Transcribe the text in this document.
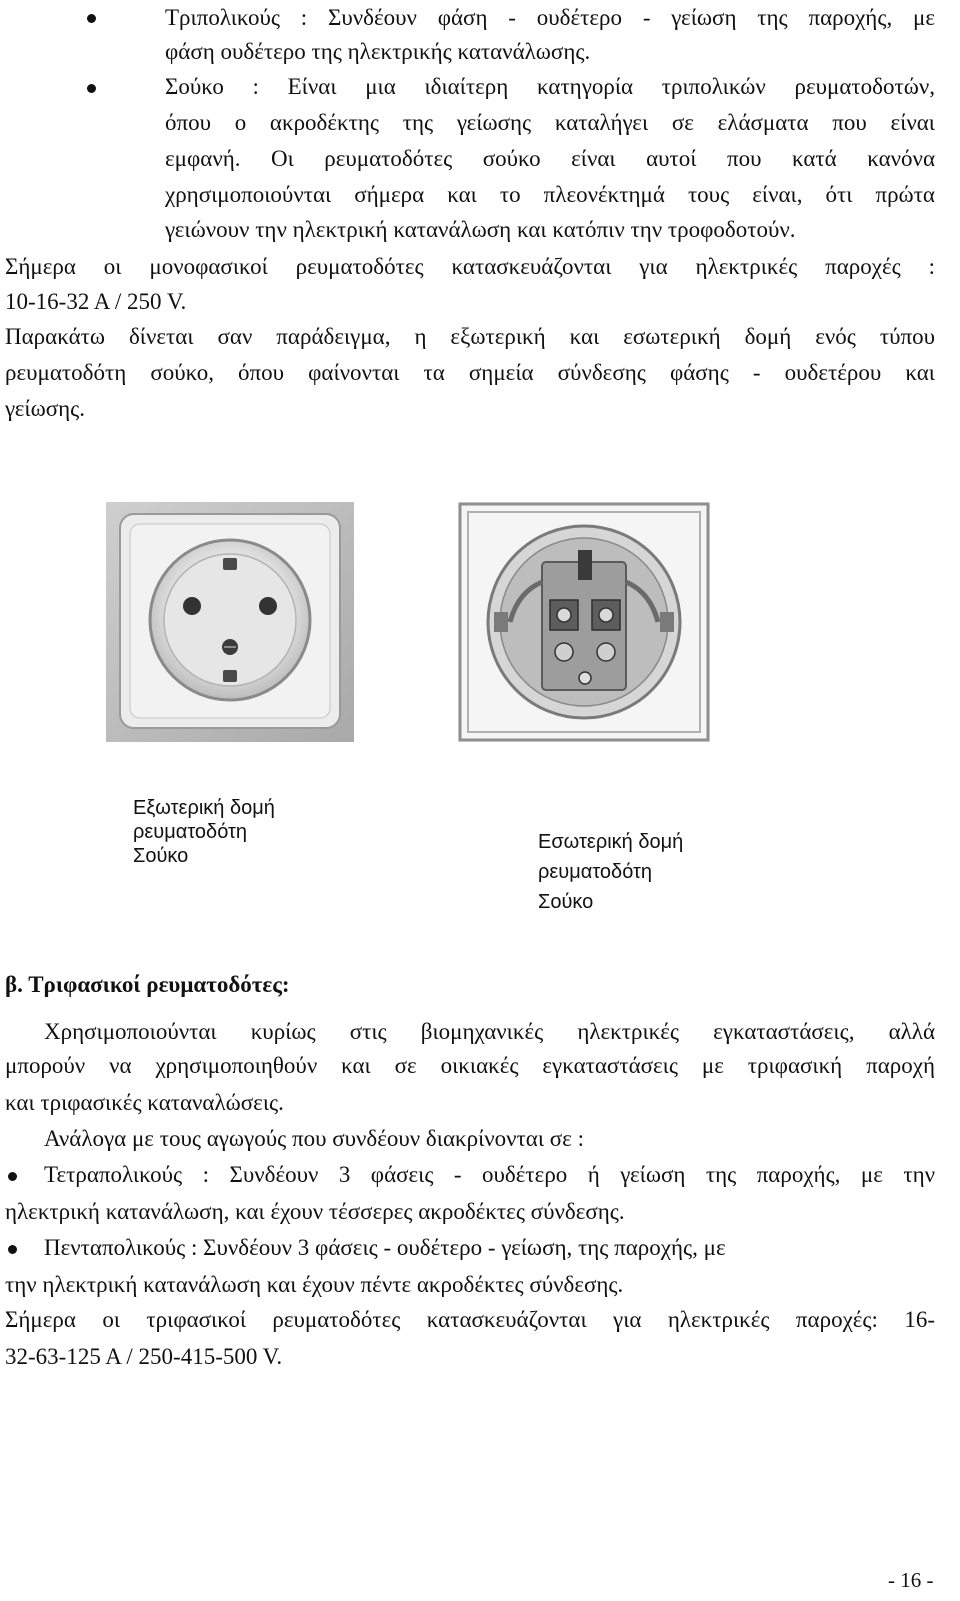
Τριπολικούς : Συνδέουν φάση - ουδέτερο - γείωση της παροχής, με
φάση ουδέτερο της ηλεκτρικής κατανάλωσης.
Σούκο : Είναι μια ιδιαίτερη κατηγορία τριπολικών ρευματοδοτών,
όπου ο ακροδέκτης της γείωσης καταλήγει σε ελάσματα που είναι
εμφανή. Οι ρευματοδότες σούκο είναι αυτοί που κατά κανόνα
χρησιμοποιούνται σήμερα και το πλεονέκτημά τους είναι, ότι πρώτα
γειώνουν την ηλεκτρική κατανάλωση και κατόπιν την τροφοδοτούν.
Σήμερα οι μονοφασικοί ρευματοδότες κατασκευάζονται για ηλεκτρικές παροχές :
10-16-32 A / 250 V.
Παρακάτω δίνεται σαν παράδειγμα, η εξωτερική και εσωτερική δομή ενός τύπου
ρευματοδότη σούκο, όπου φαίνονται τα σημεία σύνδεσης φάσης - ουδετέρου και
γείωσης.
Εξωτερική δομή
ρευματοδότη
Σούκο
Εσωτερική δομή
ρευματοδότη
Σούκο
β. Τριφασικοί ρευματοδότες:
Χρησιμοποιούνται κυρίως στις βιομηχανικές ηλεκτρικές εγκαταστάσεις, αλλά
μπορούν να χρησιμοποιηθούν και σε οικιακές εγκαταστάσεις με τριφασική παροχή
και τριφασικές καταναλώσεις.
Ανάλογα με τους αγωγούς που συνδέουν διακρίνονται σε :
Τετραπολικούς : Συνδέουν 3 φάσεις - ουδέτερο ή γείωση της παροχής, με την
ηλεκτρική κατανάλωση, και έχουν τέσσερες ακροδέκτες σύνδεσης.
Πενταπολικούς : Συνδέουν 3 φάσεις - ουδέτερο - γείωση, της παροχής, με
την ηλεκτρική κατανάλωση και έχουν πέντε ακροδέκτες σύνδεσης.
Σήμερα οι τριφασικοί ρευματοδότες κατασκευάζονται για ηλεκτρικές παροχές: 16-
32-63-125 A / 250-415-500 V.
- 16 -
